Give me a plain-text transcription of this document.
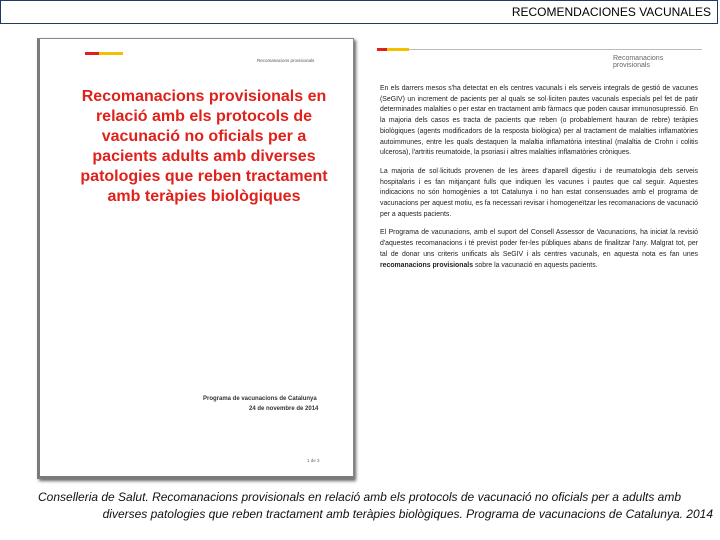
RECOMENDACIONES VACUNALES
Recomanacions provisionals
Recomanacions provisionals en
relació amb els protocols de
vacunació no oficials per a
pacients adults amb diverses
patologies que reben tractament
amb teràpies biològiques
Programa de vacunacions de Catalunya
24 de novembre de 2014
1 de 3
Recomanacions provisionals

En els darrers mesos s'ha detectat en els centres vacunals i els serveis integrals de gestió de vacunes (SeGIV) un increment de pacients per al quals se sol·liciten pautes vacunals especials pel fet de patir determinades malalties o per estar en tractament amb fàrmacs que poden causar immunosupressió. En la majoria dels casos es tracta de pacients que reben (o probablement hauran de rebre) teràpies biològiques (agents modificadors de la resposta biològica) per al tractament de malalties inflamatòries autoimmunes, entre les quals destaquen la malaltia inflamatòria intestinal (malaltia de Crohn i colitis ulcerosa), l'artritis reumatoide, la psoriasi i altres malalties inflamatòries cròniques.

La majoria de sol·licituds provenen de les àrees d'aparell digestiu i de reumatologia dels serveis hospitalaris i es fan mitjançant fulls que indiquen les vacunes i pautes que cal seguir. Aquestes indicacions no són homogènies a tot Catalunya i no han estat consensuades amb el programa de vacunacions per aquest motiu, es fa necessari revisar i homogeneïtzar les recomanacions de vacunació per a aquests pacients.

El Programa de vacunacions, amb el suport del Consell Assessor de Vacunacions, ha iniciat la revisió d'aquestes recomanacions i té previst poder fer-les públiques abans de finalitzar l'any. Malgrat tot, per tal de donar uns criteris unificats als SeGIV i als centres vacunals, en aquesta nota es fan unes recomanacions provisionals sobre la vacunació en aquests pacients.

Conselleria de Salut. Recomanacions provisionals en relació amb els protocols de vacunació no oficials per a adults amb
diverses patologies que reben tractament amb teràpies biològiques. Programa de vacunacions de Catalunya. 2014
